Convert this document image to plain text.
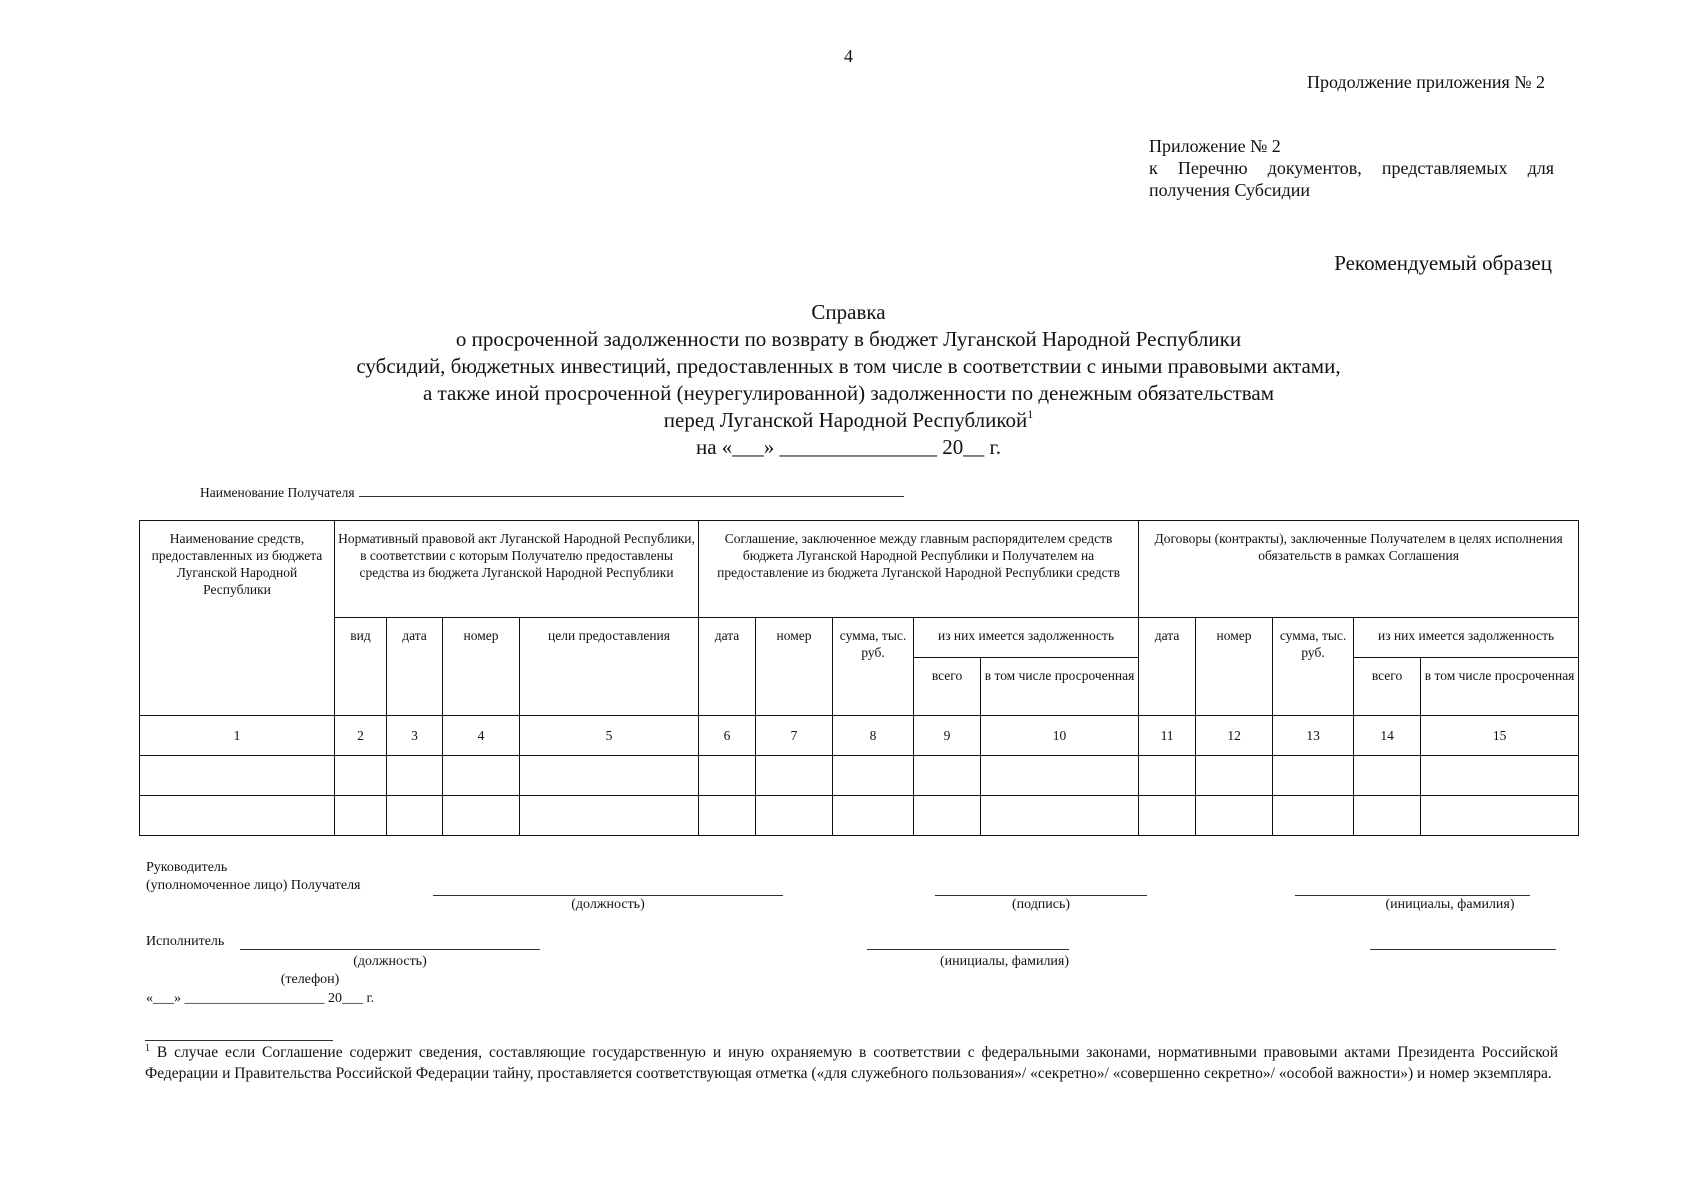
4
Продолжение приложения № 2
Приложение № 2
к Перечню документов, представляемых для
получения Субсидии
Рекомендуемый образец
Справка
о просроченной задолженности по возврату в бюджет Луганской Народной Республики
субсидий, бюджетных инвестиций, предоставленных в том числе в соответствии с иными правовыми актами,
а также иной просроченной (неурегулированной) задолженности по денежным обязательствам
перед Луганской Народной Республикой$^1$
на «___» _______________ 20__ г.
Наименование Получателя
Наименование средств, предоставленных из бюджета Луганской Народной Республики	Нормативный правовой акт Луганской Народной Республики, в соответствии с которым Получателю предоставлены средства из бюджета Луганской Народной Республики				Соглашение, заключенное между главным распорядителем средств бюджета Луганской Народной Республики и Получателем на предоставление из бюджета Луганской Народной Республики средств					Договоры (контракты), заключенные Получателем в целях исполнения обязательств в рамках Соглашения				
	вид	дата	номер	цели предоставления	дата	номер	сумма, тыс. руб.	из них имеется задолженность		дата	номер	сумма, тыс. руб.	из них имеется задолженность	
								всего	в том числе просроченная				всего	в том числе просроченная
1	2	3	4	5	6	7	8	9	10	11	12	13	14	15

Руководитель
(уполномоченное лицо) Получателя
(должность)	(подпись)	(инициалы, фамилия)
Исполнитель
(должность)	(инициалы, фамилия)
(телефон)
«___» ____________________ 20___ г.
$^1$ В случае если Соглашение содержит сведения, составляющие государственную и иную охраняемую в соответствии с федеральными законами, нормативными правовыми актами Президента Российской Федерации и Правительства Российской Федерации тайну, проставляется соответствующая отметка («для служебного пользования»/ «секретно»/ «совершенно секретно»/ «особой важности») и номер экземпляра.
